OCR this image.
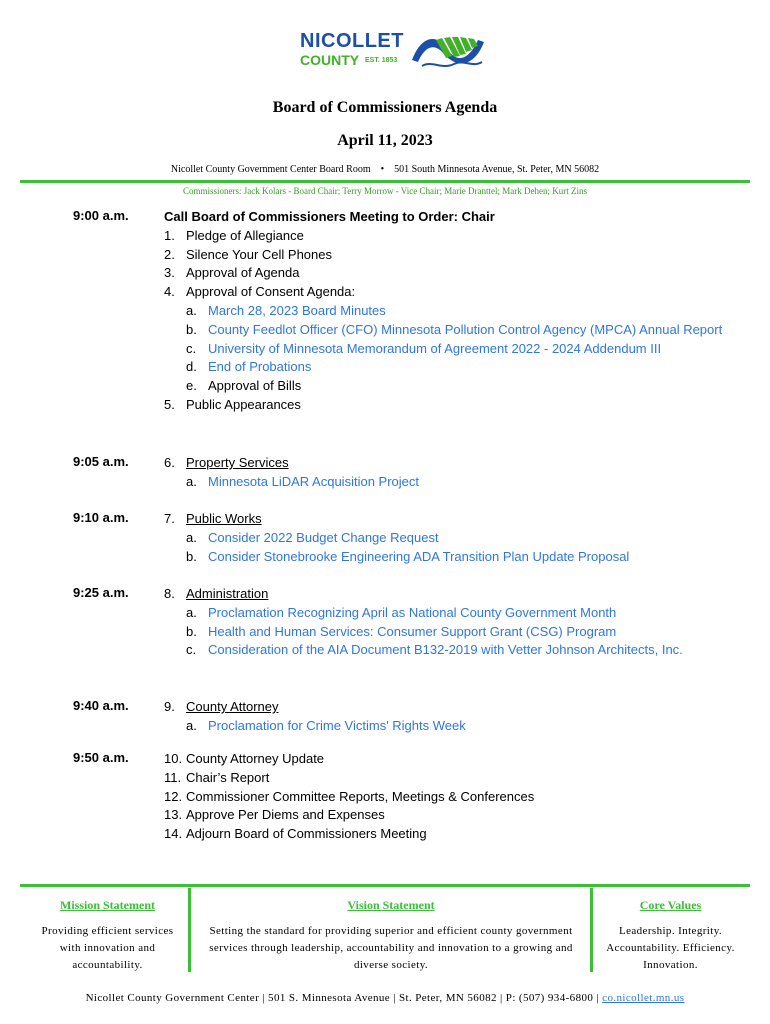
NICOLLET
COUNTY EST. 1853
Board of Commissioners Agenda
April 11, 2023
Nicollet County Government Center Board Room • 501 South Minnesota Avenue, St. Peter, MN 56082
Commissioners: Jack Kolars - Board Chair; Terry Morrow - Vice Chair; Marie Dranttel; Mark Dehen; Kurt Zins
9:00 a.m.	Call Board of Commissioners Meeting to Order: Chair
1. Pledge of Allegiance
2. Silence Your Cell Phones
3. Approval of Agenda
4. Approval of Consent Agenda:
a. March 28, 2023 Board Minutes
b. County Feedlot Officer (CFO) Minnesota Pollution Control Agency (MPCA) Annual Report
c. University of Minnesota Memorandum of Agreement 2022 - 2024 Addendum III
d. End of Probations
e. Approval of Bills
5. Public Appearances
9:05 a.m.	6. Property Services
a. Minnesota LiDAR Acquisition Project
9:10 a.m.	7. Public Works
a. Consider 2022 Budget Change Request
b. Consider Stonebrooke Engineering ADA Transition Plan Update Proposal
9:25 a.m.	8. Administration
a. Proclamation Recognizing April as National County Government Month
b. Health and Human Services: Consumer Support Grant (CSG) Program
c. Consideration of the AIA Document B132-2019 with Vetter Johnson Architects, Inc.
9:40 a.m.	9. County Attorney
a. Proclamation for Crime Victims' Rights Week
9:50 a.m.	10. County Attorney Update
11. Chair’s Report
12. Commissioner Committee Reports, Meetings & Conferences
13. Approve Per Diems and Expenses
14. Adjourn Board of Commissioners Meeting
Mission Statement
Providing efficient services with innovation and accountability.
Vision Statement
Setting the standard for providing superior and efficient county government services through leadership, accountability and innovation to a growing and diverse society.
Core Values
Leadership. Integrity. Accountability. Efficiency. Innovation.
Nicollet County Government Center | 501 S. Minnesota Avenue | St. Peter, MN 56082 | P: (507) 934-6800 | co.nicollet.mn.us
